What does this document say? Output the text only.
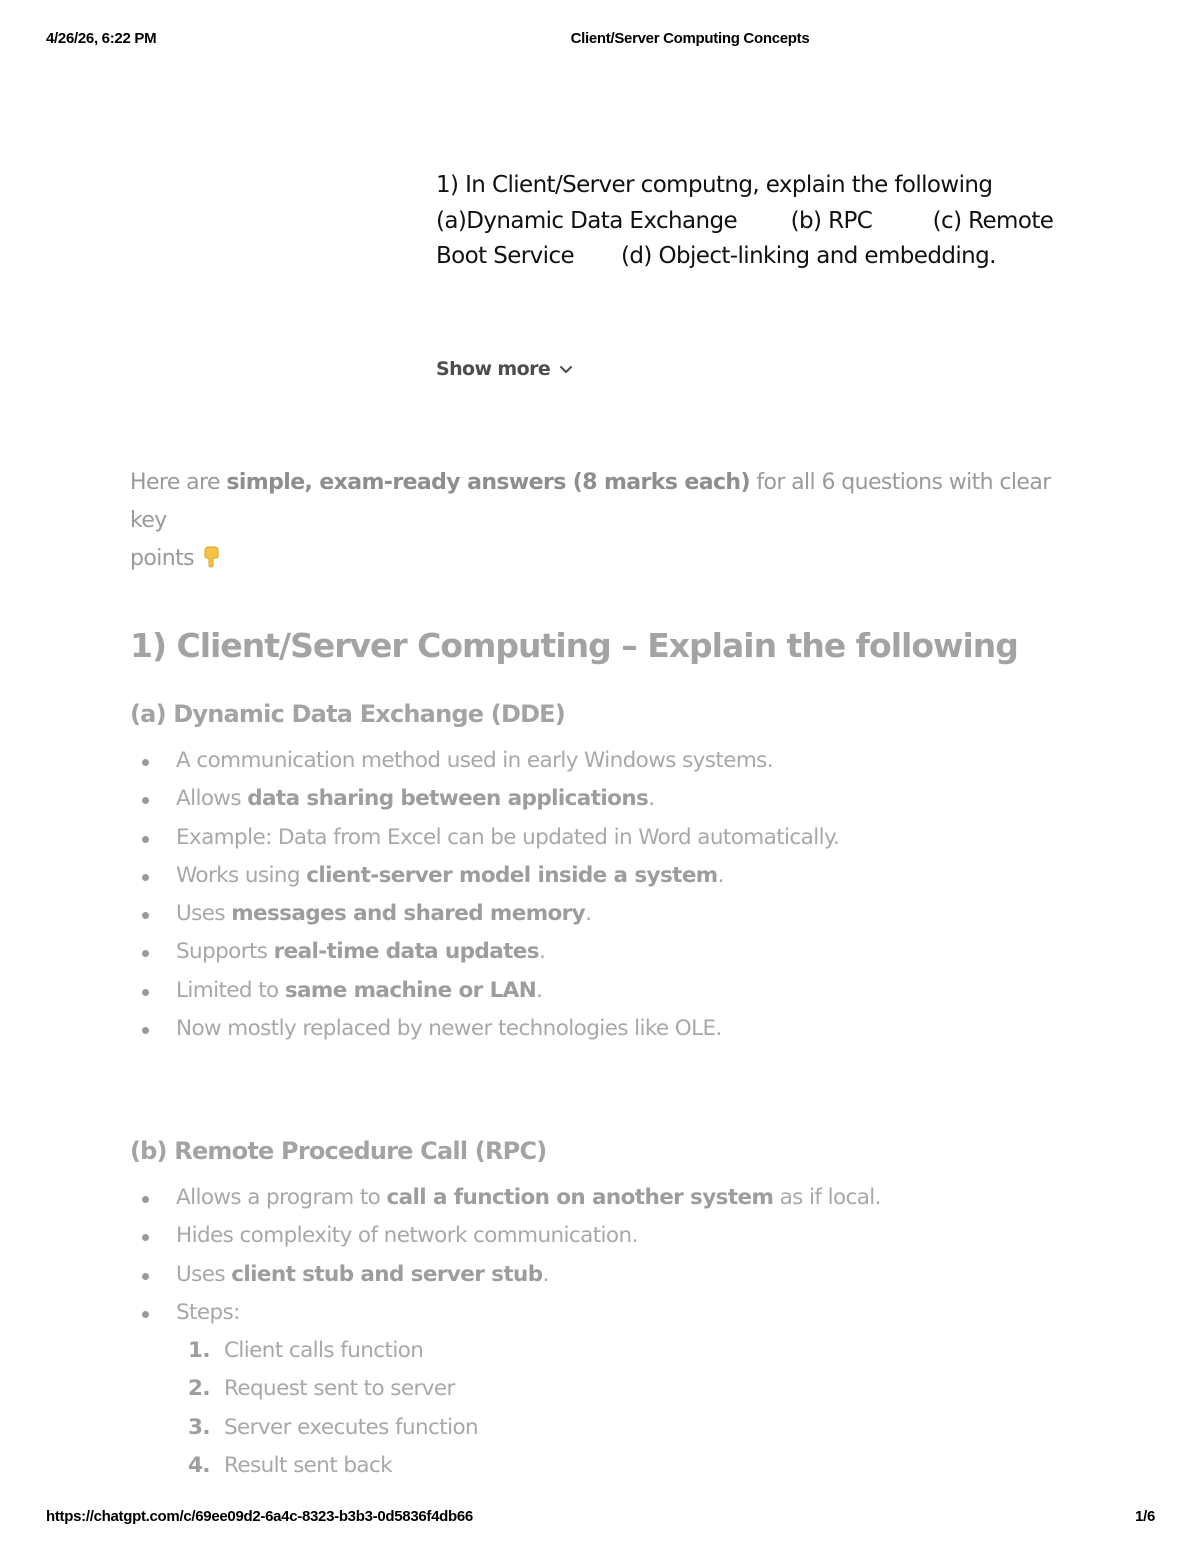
4/26/26, 6:22 PM	Client/Server Computing Concepts
1) In Client/Server computng, explain the following
(a)Dynamic Data Exchange        (b) RPC         (c) Remote
Boot Service       (d) Object-linking and embedding.
Show more
Here are simple, exam-ready answers (8 marks each) for all 6 questions with clear key
points
1) Client/Server Computing – Explain the following
(a) Dynamic Data Exchange (DDE)
A communication method used in early Windows systems.
Allows data sharing between applications.
Example: Data from Excel can be updated in Word automatically.
Works using client-server model inside a system.
Uses messages and shared memory.
Supports real-time data updates.
Limited to same machine or LAN.
Now mostly replaced by newer technologies like OLE.
(b) Remote Procedure Call (RPC)
Allows a program to call a function on another system as if local.
Hides complexity of network communication.
Uses client stub and server stub.
Steps:
1. Client calls function
2. Request sent to server
3. Server executes function
4. Result sent back
https://chatgpt.com/c/69ee09d2-6a4c-8323-b3b3-0d5836f4db66	1/6
